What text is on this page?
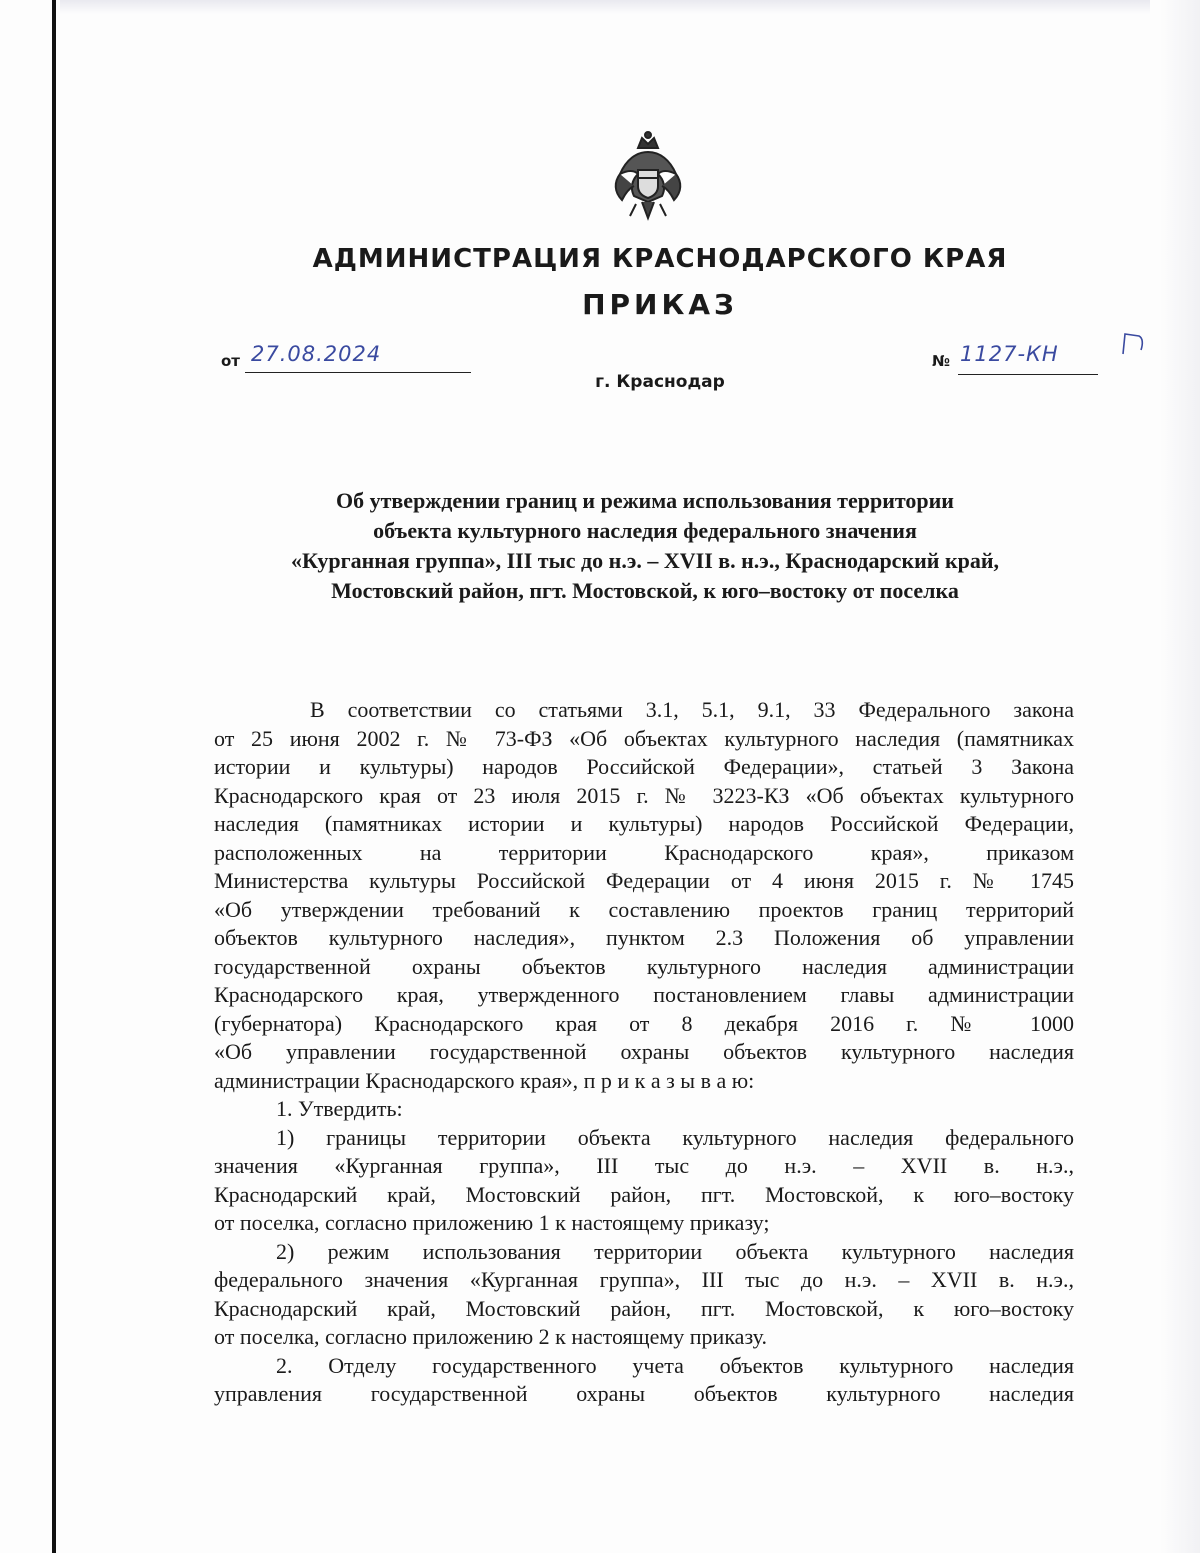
АДМИНИСТРАЦИЯ КРАСНОДАРСКОГО КРАЯ
ПРИКАЗ
от 27.08.2024
г. Краснодар
№ 1127-КН
Об утверждении границ и режима использования территории
объекта культурного наследия федерального значения
«Курганная группа», III тыс до н.э. – XVII в. н.э., Краснодарский край,
Мостовский район, пгт. Мостовской, к юго–востоку от поселка
В соответствии со статьями 3.1, 5.1, 9.1, 33 Федерального закона
от 25 июня 2002 г. № 73-ФЗ «Об объектах культурного наследия (памятниках
истории и культуры) народов Российской Федерации», статьей 3 Закона
Краснодарского края от 23 июля 2015 г. № 3223-КЗ «Об объектах культурного
наследия (памятниках истории и культуры) народов Российской Федерации,
расположенных на территории Краснодарского края», приказом
Министерства культуры Российской Федерации от 4 июня 2015 г. № 1745
«Об утверждении требований к составлению проектов границ территорий
объектов культурного наследия», пунктом 2.3 Положения об управлении
государственной охраны объектов культурного наследия администрации
Краснодарского края, утвержденного постановлением главы администрации
(губернатора) Краснодарского края от 8 декабря 2016 г. № 1000
«Об управлении государственной охраны объектов культурного наследия
администрации Краснодарского края», п р и к а з ы в а ю:
1. Утвердить:
1) границы территории объекта культурного наследия федерального
значения «Курганная группа», III тыс до н.э. – XVII в. н.э.,
Краснодарский край, Мостовский район, пгт. Мостовской, к юго–востоку
от поселка, согласно приложению 1 к настоящему приказу;
2) режим использования территории объекта культурного наследия
федерального значения «Курганная группа», III тыс до н.э. – XVII в. н.э.,
Краснодарский край, Мостовский район, пгт. Мостовской, к юго–востоку
от поселка, согласно приложению 2 к настоящему приказу.
2. Отделу государственного учета объектов культурного наследия
управления государственной охраны объектов культурного наследия
